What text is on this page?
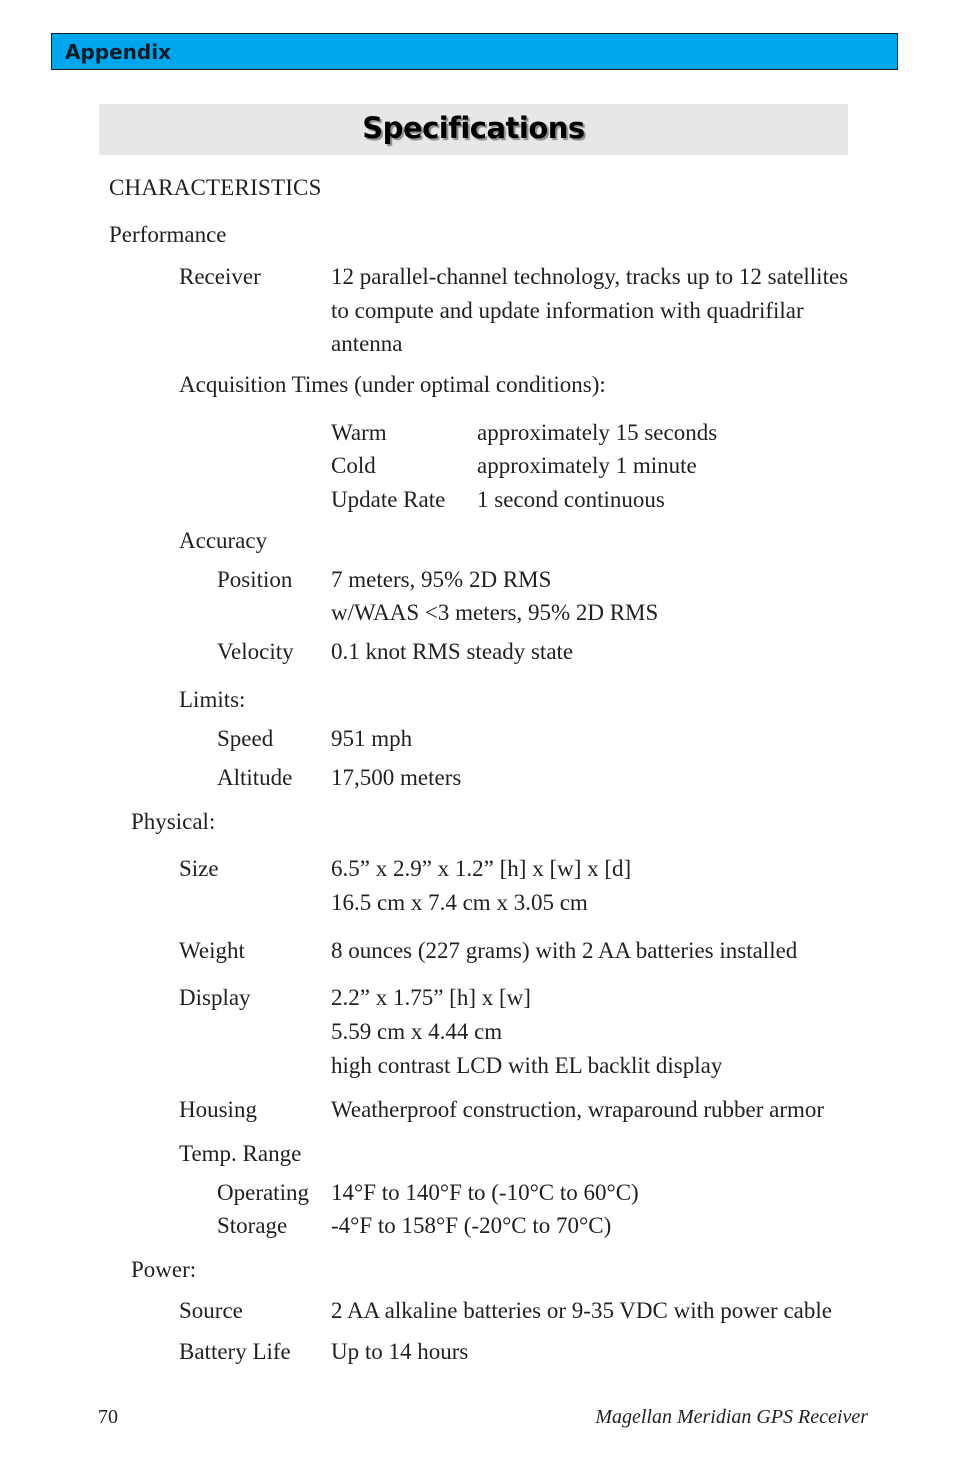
Appendix
Specifications
CHARACTERISTICS
Performance
Receiver	12 parallel-channel technology, tracks up to 12 satellites
to compute and update information with quadrifilar
antenna
Acquisition Times (under optimal conditions):
Warm	approximately 15 seconds
Cold	approximately 1 minute
Update Rate 1 second continuous
Accuracy
Position 7 meters, 95% 2D RMS
w/WAAS <3 meters, 95% 2D RMS
Velocity 0.1 knot RMS steady state
Limits:
Speed	951 mph
Altitude 17,500 meters
Physical:
Size	6.5” x 2.9” x 1.2” [h] x [w] x [d]
16.5 cm x 7.4 cm x 3.05 cm
Weight	8 ounces (227 grams) with 2 AA batteries installed
Display	2.2” x 1.75” [h] x [w]
5.59 cm x 4.44 cm
high contrast LCD with EL backlit display
Housing	Weatherproof construction, wraparound rubber armor
Temp. Range
Operating 14°F to 140°F to (-10°C to 60°C)
Storage -4°F to 158°F (-20°C to 70°C)
Power:
Source	2 AA alkaline batteries or 9-35 VDC with power cable
Battery Life Up to 14 hours
70	Magellan Meridian GPS Receiver
